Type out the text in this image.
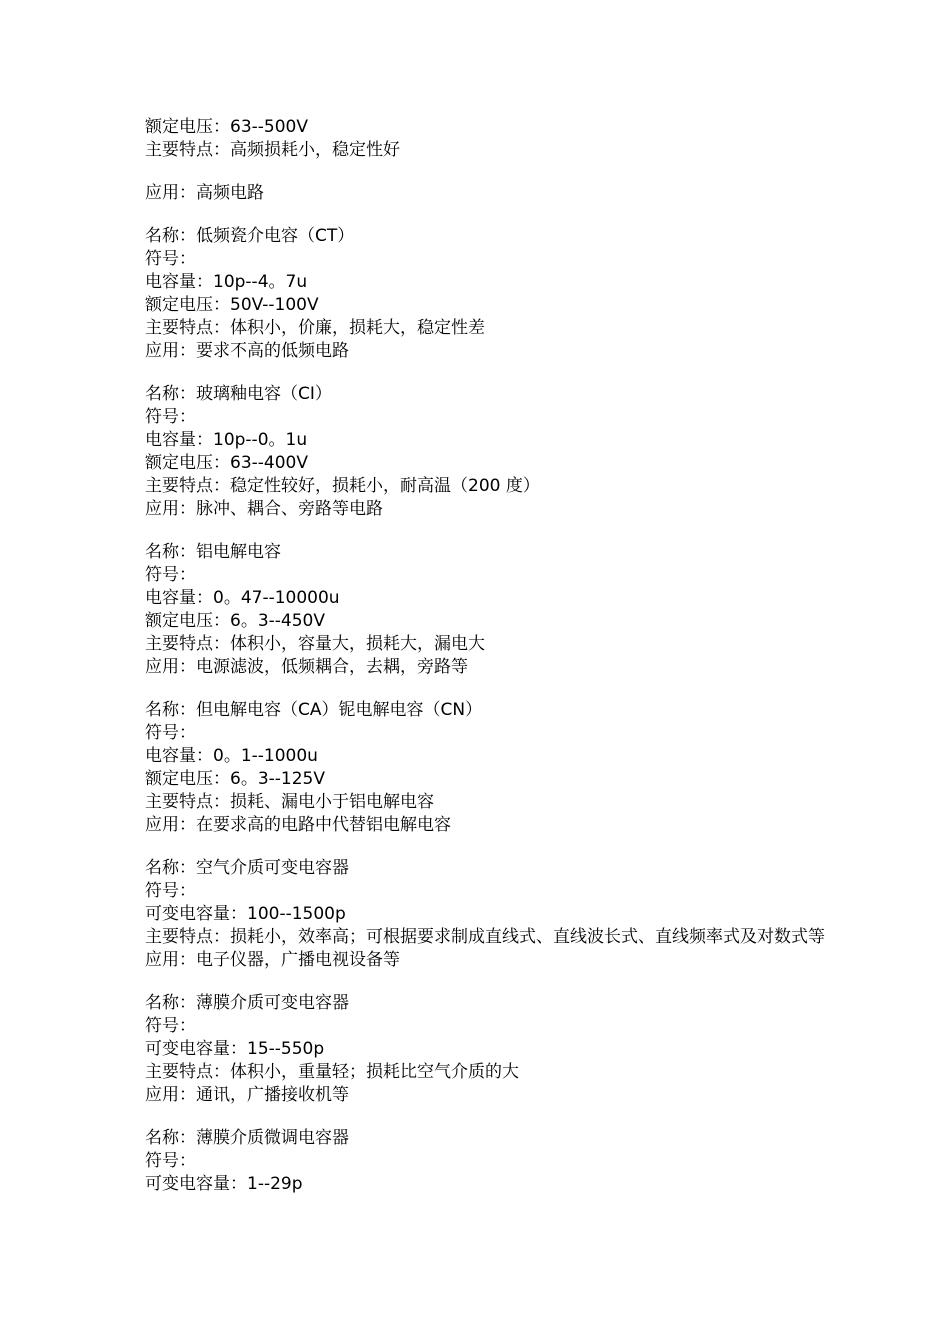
额定电压：63--500V
主要特点：高频损耗小，稳定性好
应用：高频电路
名称：低频瓷介电容（CT）
符号：
电容量：10p--4。7u
额定电压：50V--100V
主要特点：体积小，价廉，损耗大，稳定性差
应用：要求不高的低频电路
名称：玻璃釉电容（CI）
符号：
电容量：10p--0。1u
额定电压：63--400V
主要特点：稳定性较好，损耗小，耐高温（200 度）
应用：脉冲、耦合、旁路等电路
名称：铝电解电容
符号：
电容量：0。47--10000u
额定电压：6。3--450V
主要特点：体积小，容量大，损耗大，漏电大
应用：电源滤波，低频耦合，去耦，旁路等
名称：但电解电容（CA）铌电解电容（CN）
符号：
电容量：0。1--1000u
额定电压：6。3--125V
主要特点：损耗、漏电小于铝电解电容
应用：在要求高的电路中代替铝电解电容
名称：空气介质可变电容器
符号：
可变电容量：100--1500p
主要特点：损耗小，效率高；可根据要求制成直线式、直线波长式、直线频率式及对数式等
应用：电子仪器，广播电视设备等
名称：薄膜介质可变电容器
符号：
可变电容量：15--550p
主要特点：体积小，重量轻；损耗比空气介质的大
应用：通讯，广播接收机等
名称：薄膜介质微调电容器
符号：
可变电容量：1--29p
